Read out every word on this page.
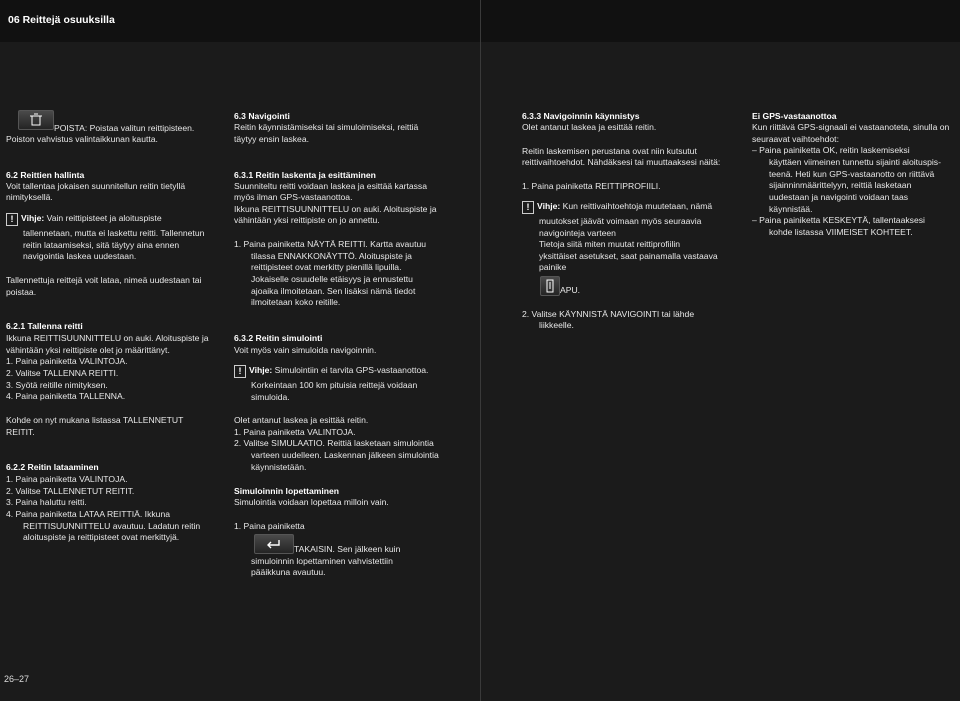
06 Reittejä osuuksilla
POISTA: Poistaa valitun reittipisteen.
Poiston vahvistus valintaikkunan kautta.
6.2 Reittien hallinta
Voit tallentaa jokaisen suunnitellun reitin tietyllä
nimityksellä.
! Vihje: Vain reittipisteet ja aloituspiste
tallennetaan, mutta ei laskettu reitti. Tallennetun
reitin lataamiseksi, sitä täytyy aina ennen
navigointia laskea uudestaan.
Tallennettuja reittejä voit lataa, nimeä uudestaan tai
poistaa.
6.2.1 Tallenna reitti
Ikkuna REITTISUUNNITTELU on auki. Aloituspiste ja
vähintään yksi reittipiste olet jo määrittänyt.
1. Paina painiketta VALINTOJA.
2. Valitse TALLENNA REITTI.
3. Syötä reitille nimityksen.
4. Paina painiketta TALLENNA.
Kohde on nyt mukana listassa TALLENNETUT
REITIT.
6.2.2 Reitin lataaminen
1. Paina painiketta VALINTOJA.
2. Valitse TALLENNETUT REITIT.
3. Paina haluttu reitti.
4. Paina painiketta LATAA REITTIÄ. Ikkuna
REITTISUUNNITTELU avautuu. Ladatun reitin
aloituspiste ja reittipisteet ovat merkittyjä.
6.3 Navigointi
Reitin käynnistämiseksi tai simuloimiseksi, reittiä
täytyy ensin laskea.
6.3.1 Reitin laskenta ja esittäminen
Suunniteltu reitti voidaan laskea ja esittää kartassa
myös ilman GPS-vastaanottoa.
Ikkuna REITTISUUNNITTELU on auki. Aloituspiste ja
vähintään yksi reittipiste on jo annettu.
1. Paina painiketta NÄYTÄ REITTI. Kartta avautuu
tilassa ENNAKKONÄYTTÖ. Aloituspiste ja
reittipisteet ovat merkitty pienillä lipuilla.
Jokaiselle osuudelle etäisyys ja ennustettu
ajoaika ilmoitetaan. Sen lisäksi nämä tiedot
ilmoitetaan koko reitille.
6.3.2 Reitin simulointi
Voit myös vain simuloida navigoinnin.
! Vihje: Simulointiin ei tarvita GPS-vastaanottoa.
Korkeintaan 100 km pituisia reittejä voidaan
simuloida.
Olet antanut laskea ja esittää reitin.
1. Paina painiketta VALINTOJA.
2. Valitse SIMULAATIO. Reittiä lasketaan simulointia
varteen uudelleen. Laskennan jälkeen simulointia
käynnistetään.
Simuloinnin lopettaminen
Simulointia voidaan lopettaa milloin vain.
1. Paina painiketta
TAKAISIN. Sen jälkeen kuin
simuloinnin lopettaminen vahvistettiin
pääikkuna avautuu.
6.3.3 Navigoinnin käynnistys
Olet antanut laskea ja esittää reitin.
Reitin laskemisen perustana ovat niin kutsutut
reittivaihtoehdot. Nähdäksesi tai muuttaaksesi näitä:
1. Paina painiketta REITTIPROFIILI.
! Vihje: Kun reittivaihtoehtoja muutetaan, nämä
muutokset jäävät voimaan myös seuraavia
navigointeja varteen
Tietoja siitä miten muutat reittiprofiilin
yksittäiset asetukset, saat painamalla vastaava
painike
APU.
2. Valitse KÄYNNISTÄ NAVIGOINTI tai lähde
liikkeelle.
Ei GPS-vastaanottoa
Kun riittävä GPS-signaali ei vastaanoteta, sinulla on
seuraavat vaihtoehdot:
– Paina painiketta OK, reitin laskemiseksi
käyttäen viimeinen tunnettu sijainti aloituspis-
teenä. Heti kun GPS-vastaanotto on riittävä
sijainninmäärittelyyn, reittiä lasketaan
uudestaan ja navigointi voidaan taas
käynnistää.
– Paina painiketta KESKEYTÄ, tallentaaksesi
kohde listassa VIIMEISET KOHTEET.
26–27
